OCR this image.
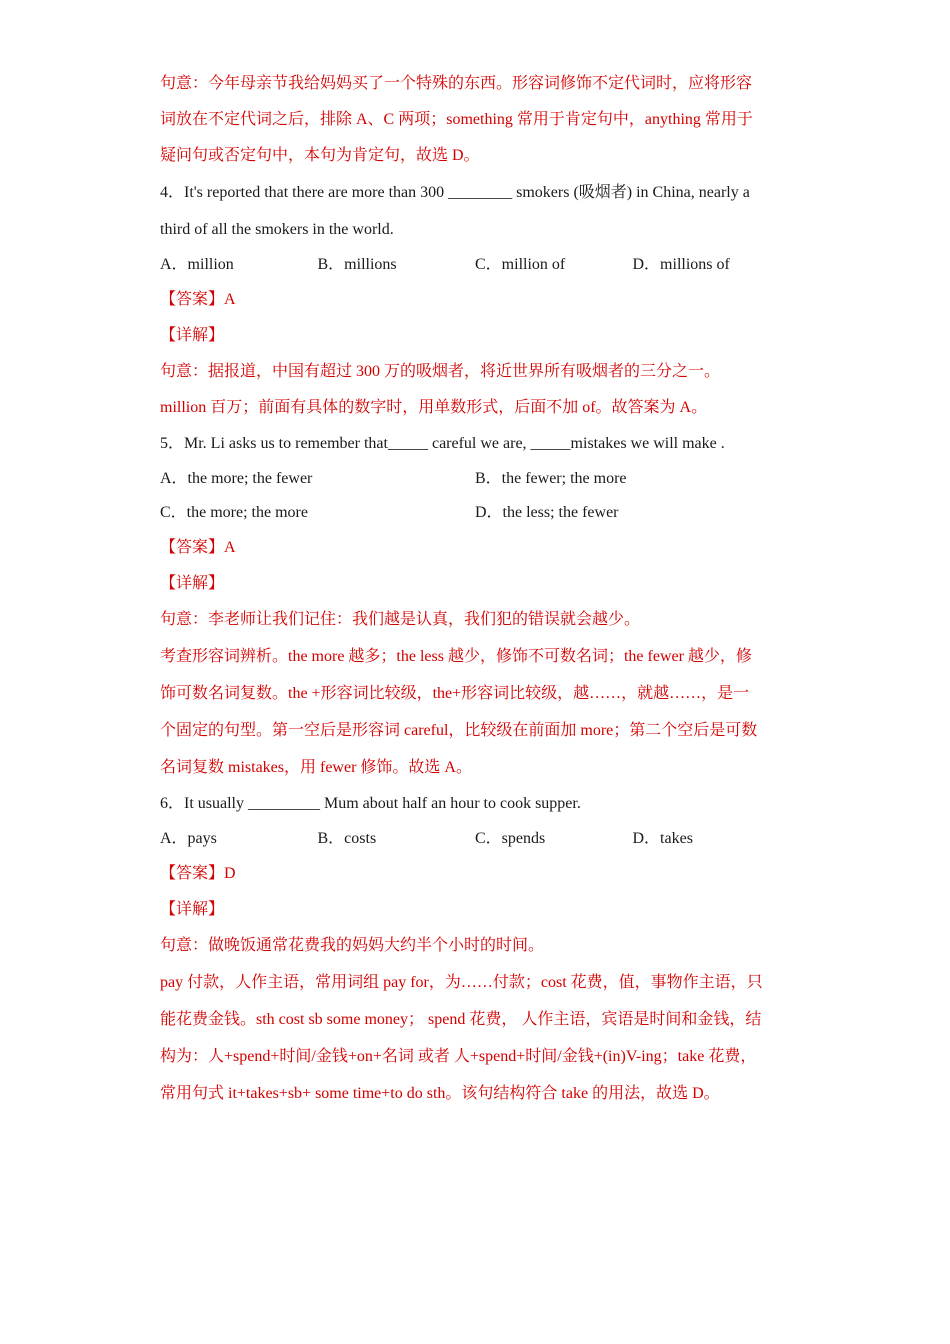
句意：今年母亲节我给妈妈买了一个特殊的东西。形容词修饰不定代词时，应将形容
词放在不定代词之后，排除 A、C 两项；something 常用于肯定句中，anything 常用于
疑问句或否定句中，本句为肯定句，故选 D。
4．It's reported that there are more than 300 ________ smokers (吸烟者) in China, nearly a
third of all the smokers in the world.
A．million	B．millions	C．million of	D．millions of
【答案】A
【详解】
句意：据报道，中国有超过 300 万的吸烟者，将近世界所有吸烟者的三分之一。
million 百万；前面有具体的数字时，用单数形式，后面不加 of。故答案为 A。
5．Mr. Li asks us to remember that_____ careful we are, _____mistakes we will make .
A．the more; the fewer	B．the fewer; the more
C．the more; the more	D．the less; the fewer
【答案】A
【详解】
句意：李老师让我们记住：我们越是认真，我们犯的错误就会越少。
考查形容词辨析。the more 越多；the less 越少，修饰不可数名词；the fewer 越少，修
饰可数名词复数。the +形容词比较级，the+形容词比较级，越……，就越……，是一
个固定的句型。第一空后是形容词 careful，比较级在前面加 more；第二个空后是可数
名词复数 mistakes，用 fewer 修饰。故选 A。
6．It usually _________ Mum about half an hour to cook supper.
A．pays	B．costs	C．spends	D．takes
【答案】D
【详解】
句意：做晚饭通常花费我的妈妈大约半个小时的时间。
pay 付款，人作主语，常用词组 pay for，为……付款；cost 花费，值，事物作主语，只
能花费金钱。sth cost sb some money； spend 花费， 人作主语，宾语是时间和金钱，结
构为：人+spend+时间/金钱+on+名词 或者 人+spend+时间/金钱+(in)V-ing；take 花费，
常用句式 it+takes+sb+ some time+to do sth。该句结构符合 take 的用法，故选 D。
